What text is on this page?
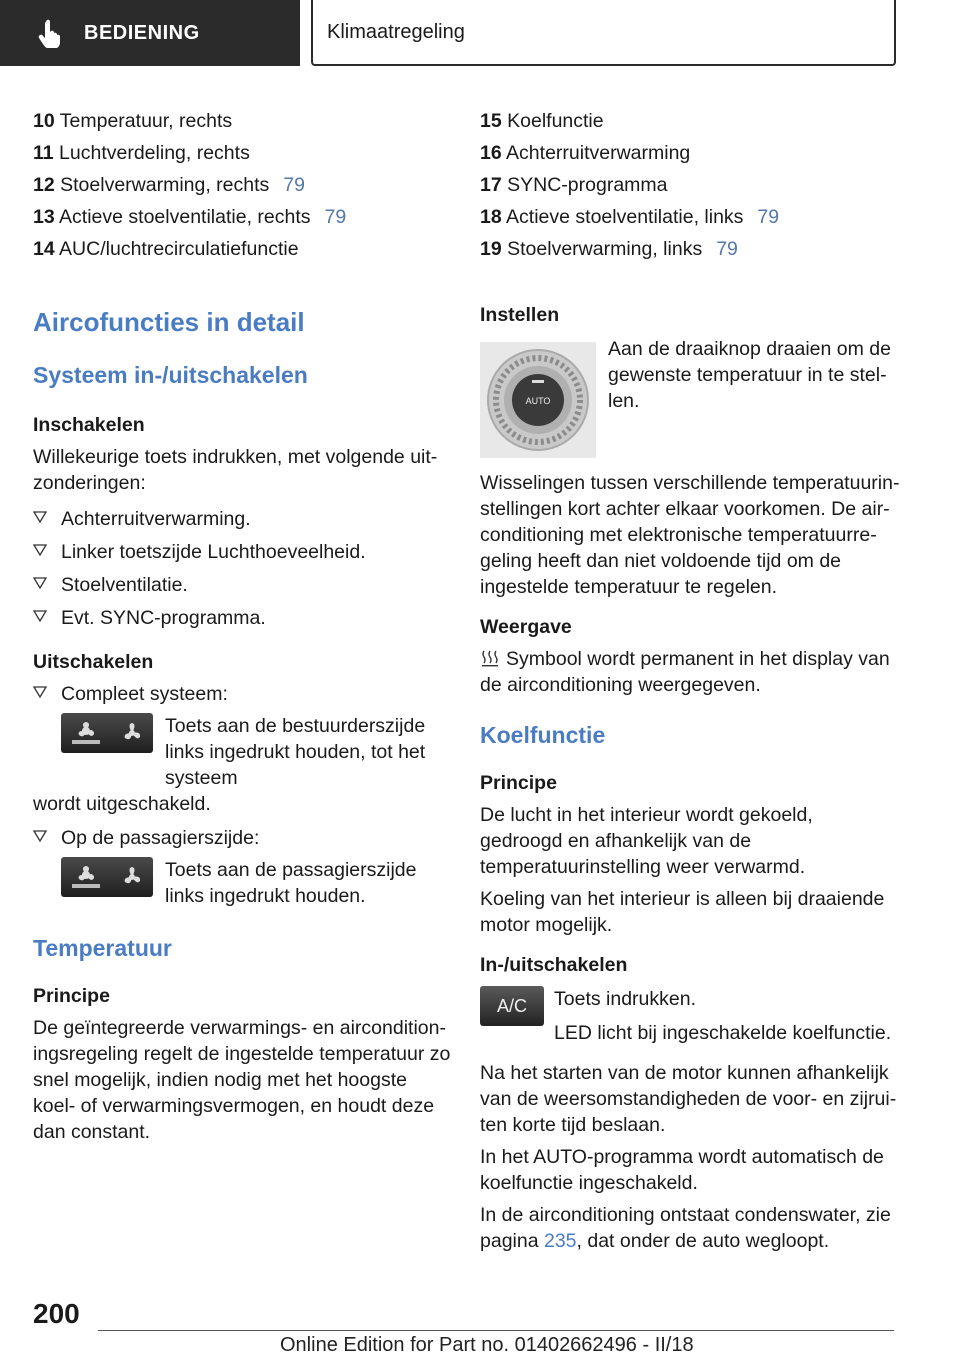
BEDIENING	Klimaatregeling
10 Temperatuur, rechts
11 Luchtverdeling, rechts
12 Stoelverwarming, rechts 79
13 Actieve stoelventilatie, rechts 79
14 AUC/luchtrecirculatiefunctie
Aircofuncties in detail
Systeem in-/uitschakelen
Inschakelen

Willekeurige toets indrukken, met volgende uit-zonderingen:

Achterruitverwarming.
Linker toetszijde Luchthoeveelheid.
Stoelventilatie.
Evt. SYNC-programma.
Uitschakelen
Compleet systeem:
Toets aan de bestuurderszijde links ingedrukt houden, tot het systeem
wordt uitgeschakeld.
Op de passagierszijde:
Toets aan de passagierszijde links ingedrukt houden.
Temperatuur
Principe

De geïntegreerde verwarmings- en aircondition-ingsregeling regelt de ingestelde temperatuur zo snel mogelijk, indien nodig met het hoogste koel- of verwarmingsvermogen, en houdt deze dan constant.

15 Koelfunctie
16 Achterruitverwarming
17 SYNC-programma
18 Actieve stoelventilatie, links 79
19 Stoelverwarming, links 79
Instellen
AUTO
Aan de draaiknop draaien om de gewenste temperatuur in te stel-len.

Wisselingen tussen verschillende temperatuurin-stellingen kort achter elkaar voorkomen. De air-conditioning met elektronische temperatuurre-geling heeft dan niet voldoende tijd om de ingestelde temperatuur te regelen.

Weergave

Symbool wordt permanent in het display van de airconditioning weergegeven.

Koelfunctie
Principe

De lucht in het interieur wordt gekoeld, gedroogd en afhankelijk van de temperatuurinstelling weer verwarmd.

Koeling van het interieur is alleen bij draaiende motor mogelijk.

In-/uitschakelen
A/C Toets indrukken.
LED licht bij ingeschakelde koelfunctie.

Na het starten van de motor kunnen afhankelijk van de weersomstandigheden de voor- en zijrui-ten korte tijd beslaan.

In het AUTO-programma wordt automatisch de koelfunctie ingeschakeld.

In de airconditioning ontstaat condenswater, zie pagina 235, dat onder de auto wegloopt.

200
Online Edition for Part no. 01402662496 - II/18
